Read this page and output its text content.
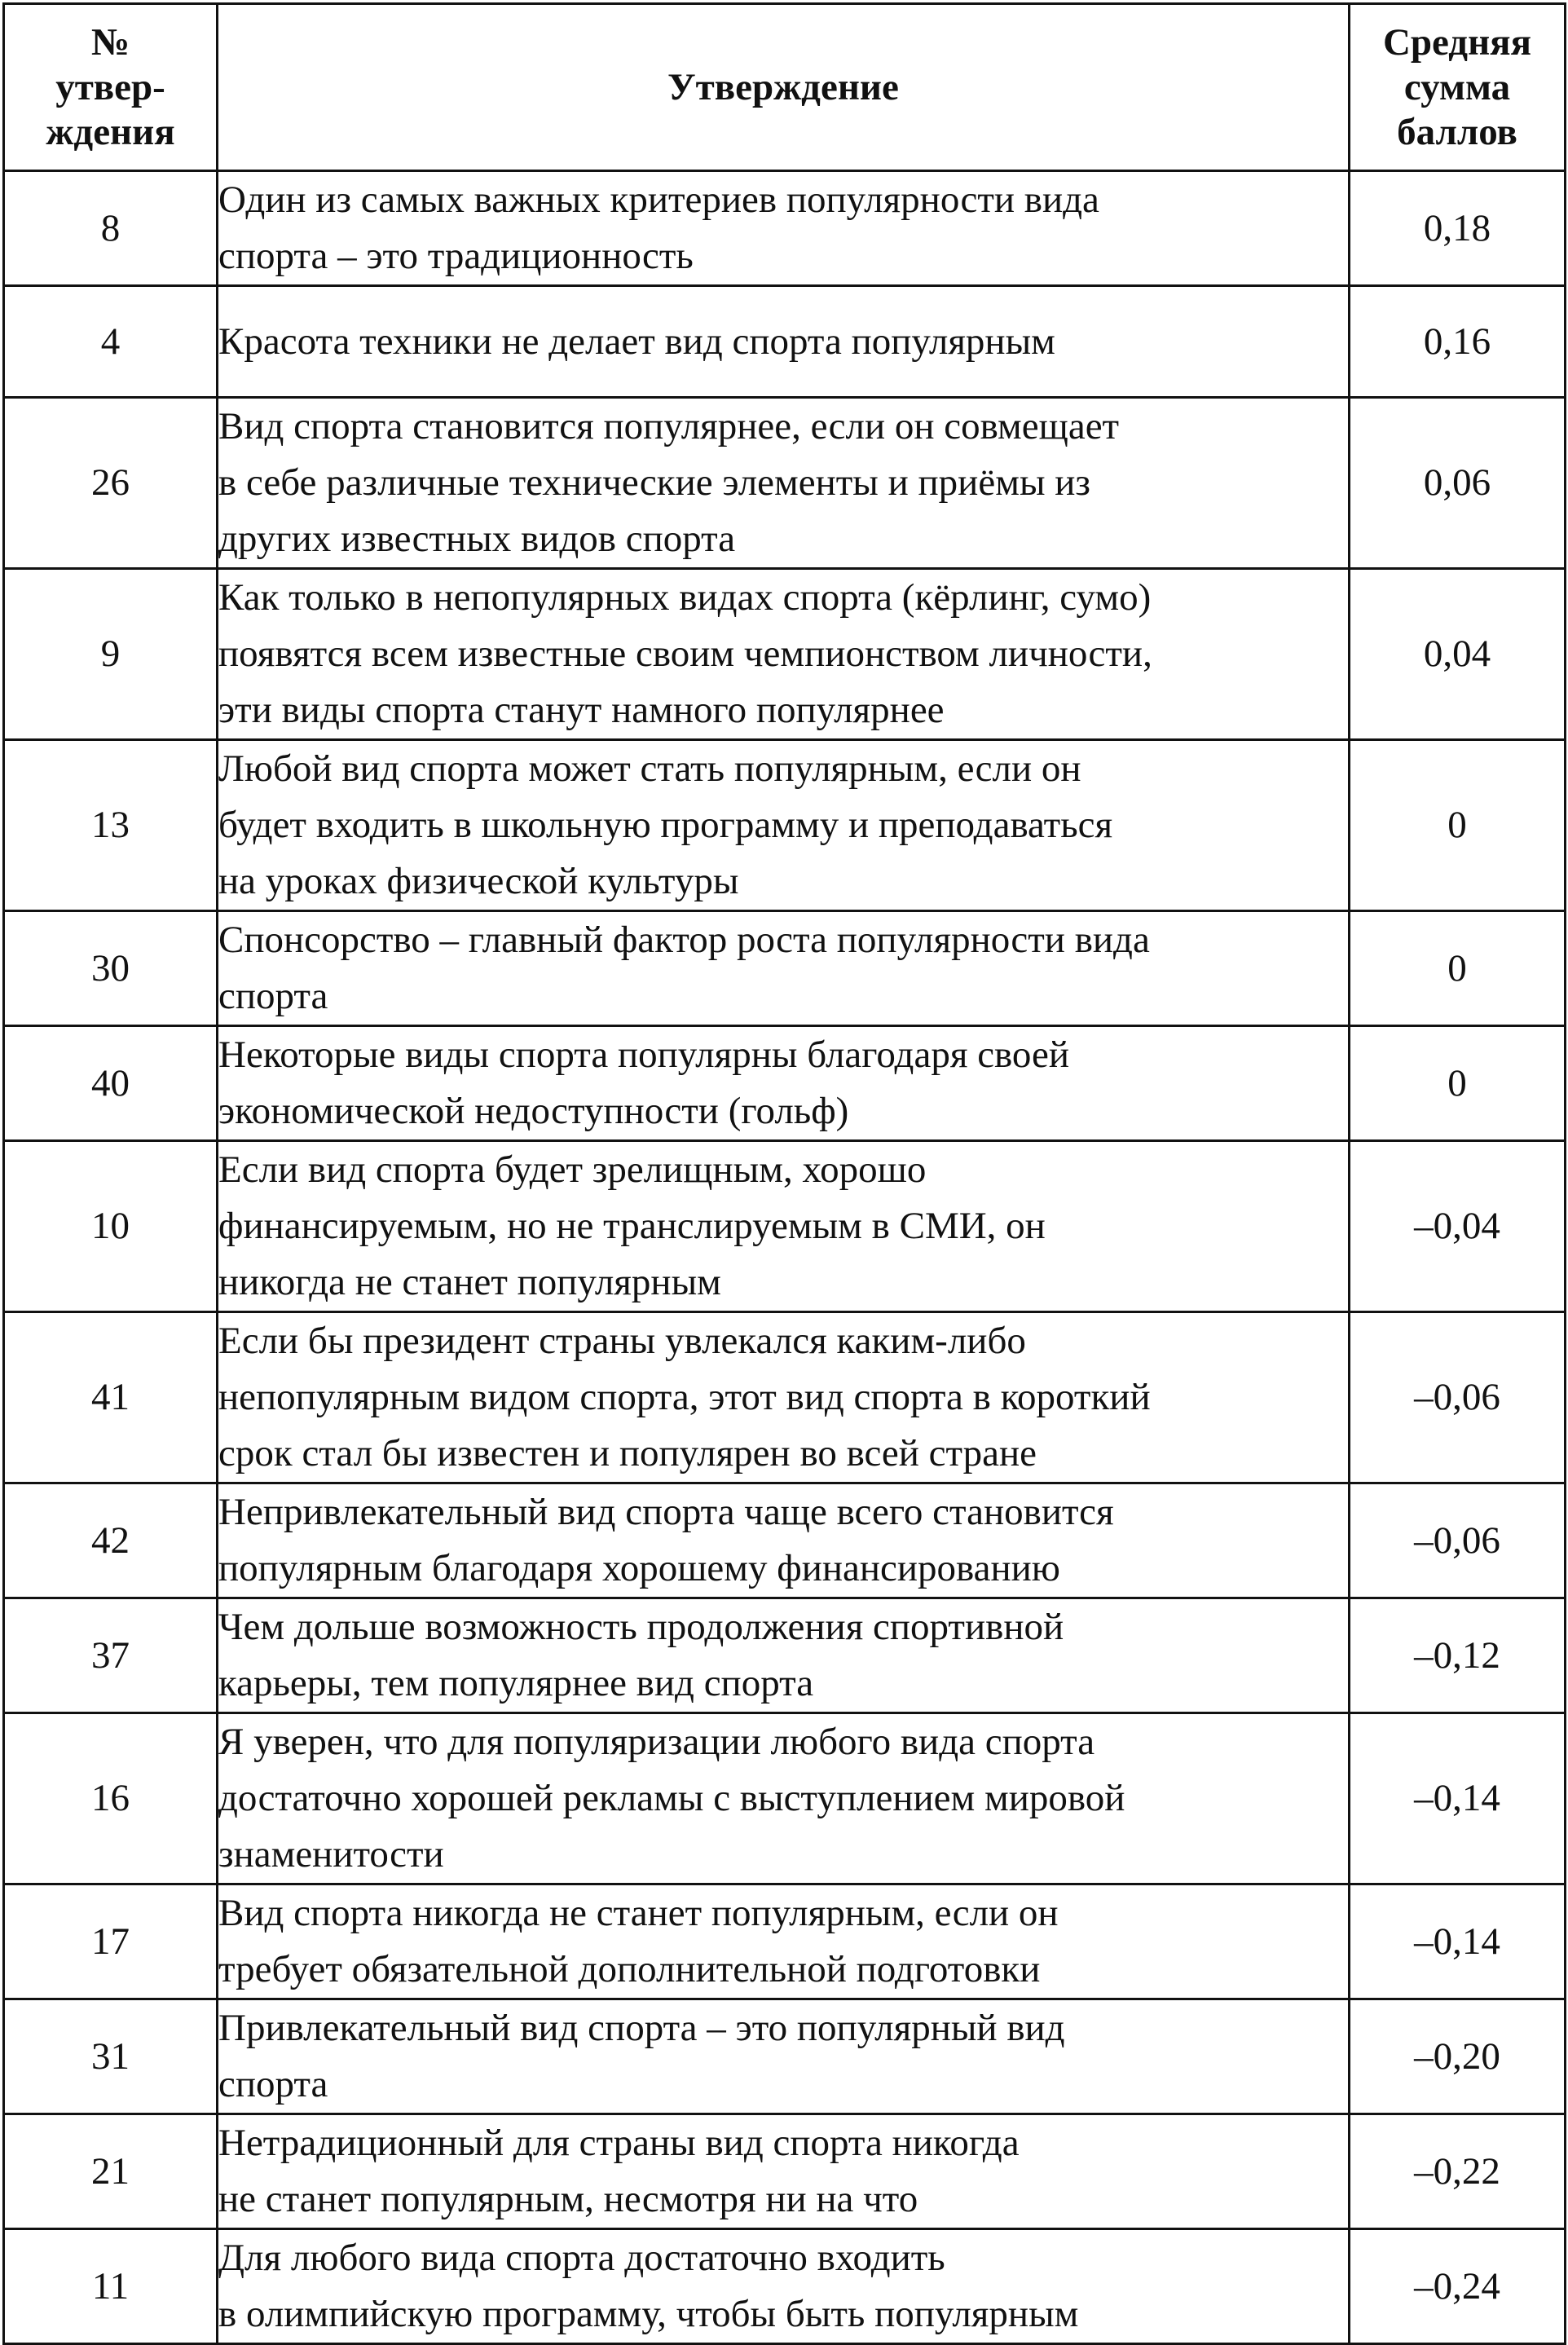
№
утвер-
ждения	Утверждение	Средняя
сумма
баллов

8	Один из самых важных критериев популярности вида
спорта – это традиционность	0,18
4	Красота техники не делает вид спорта популярным	0,16
26	Вид спорта становится популярнее, если он совмещает
в себе различные технические элементы и приёмы из
других известных видов спорта	0,06
9	Как только в непопулярных видах спорта (кёрлинг, сумо)
появятся всем известные своим чемпионством личности,
эти виды спорта станут намного популярнее	0,04
13	Любой вид спорта может стать популярным, если он
будет входить в школьную программу и преподаваться
на уроках физической культуры	0
30	Спонсорство – главный фактор роста популярности вида
спорта	0
40	Некоторые виды спорта популярны благодаря своей
экономической недоступности (гольф)	0
10	Если вид спорта будет зрелищным, хорошо
финансируемым, но не транслируемым в СМИ, он
никогда не станет популярным	–0,04
41	Если бы президент страны увлекался каким-либо
непопулярным видом спорта, этот вид спорта в короткий
срок стал бы известен и популярен во всей стране	–0,06
42	Непривлекательный вид спорта чаще всего становится
популярным благодаря хорошему финансированию	–0,06
37	Чем дольше возможность продолжения спортивной
карьеры, тем популярнее вид спорта	–0,12
16	Я уверен, что для популяризации любого вида спорта
достаточно хорошей рекламы с выступлением мировой
знаменитости	–0,14
17	Вид спорта никогда не станет популярным, если он
требует обязательной дополнительной подготовки	–0,14
31	Привлекательный вид спорта – это популярный вид
спорта	–0,20
21	Нетрадиционный для страны вид спорта никогда
не станет популярным, несмотря ни на что	–0,22
11	Для любого вида спорта достаточно входить
в олимпийскую программу, чтобы быть популярным	–0,24
